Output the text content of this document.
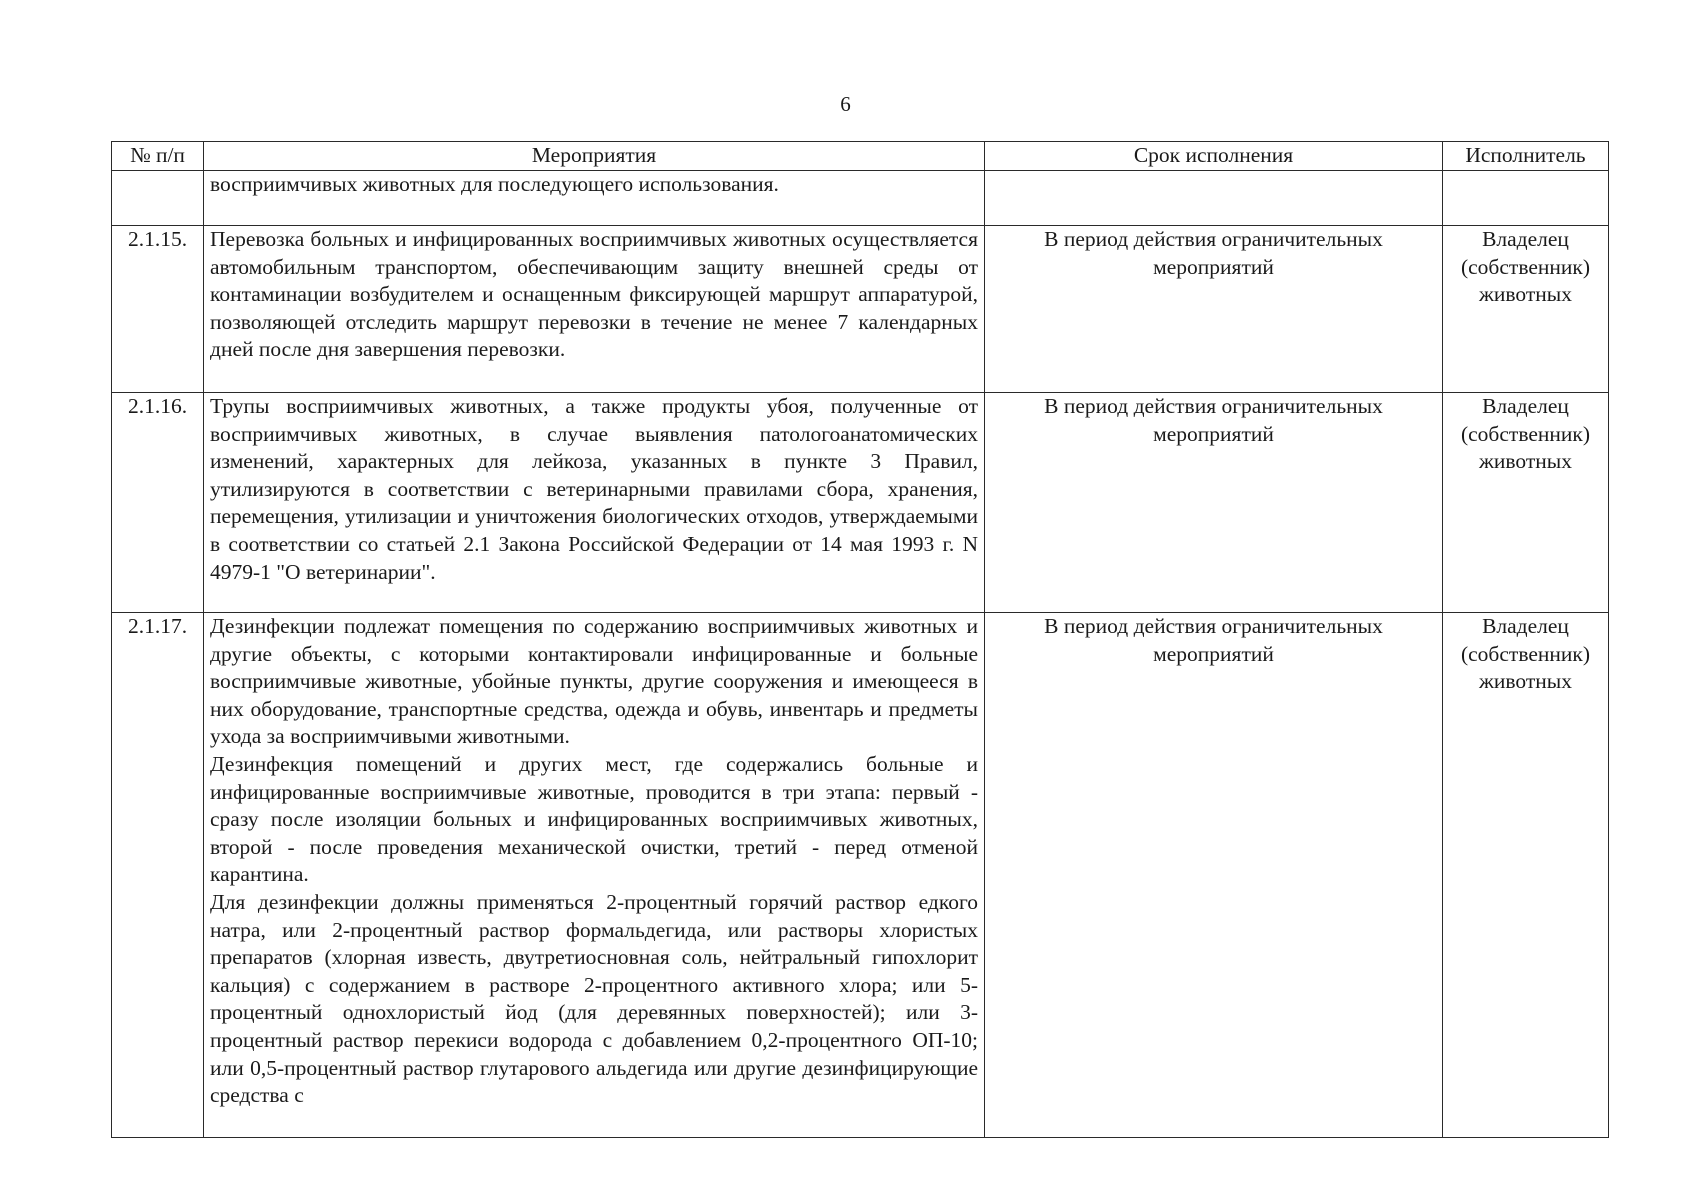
6
№ п/п	Мероприятия	Срок исполнения	Исполнитель
	восприимчивых животных для последующего использования.		
2.1.15.	Перевозка больных и инфицированных восприимчивых животных осуществляется автомобильным транспортом, обеспечивающим защиту внешней среды от контаминации возбудителем и оснащенным фиксирующей маршрут аппаратурой, позволяющей отследить маршрут перевозки в течение не менее 7 календарных дней после дня завершения перевозки.	В период действия ограничительных мероприятий	Владелец (собственник) животных
2.1.16.	Трупы восприимчивых животных, а также продукты убоя, полученные от восприимчивых животных, в случае выявления патологоанатомических изменений, характерных для лейкоза, указанных в пункте 3 Правил, утилизируются в соответствии с ветеринарными правилами сбора, хранения, перемещения, утилизации и уничтожения биологических отходов, утверждаемыми в соответствии со статьей 2.1 Закона Российской Федерации от 14 мая 1993 г. N 4979-1 "О ветеринарии".	В период действия ограничительных мероприятий	Владелец (собственник) животных
2.1.17.	Дезинфекции подлежат помещения по содержанию восприимчивых животных и другие объекты, с которыми контактировали инфицированные и больные восприимчивые животные, убойные пункты, другие сооружения и имеющееся в них оборудование, транспортные средства, одежда и обувь, инвентарь и предметы ухода за восприимчивыми животными.

Дезинфекция помещений и других мест, где содержались больные и инфицированные восприимчивые животные, проводится в три этапа: первый - сразу после изоляции больных и инфицированных восприимчивых животных, второй - после проведения механической очистки, третий - перед отменой карантина.

Для дезинфекции должны применяться 2-процентный горячий раствор едкого натра, или 2-процентный раствор формальдегида, или растворы хлористых препаратов (хлорная известь, двутретиосновная соль, нейтральный гипохлорит кальция) с содержанием в растворе 2-процентного активного хлора; или 5-процентный однохлористый йод (для деревянных поверхностей); или 3-процентный раствор перекиси водорода с добавлением 0,2-процентного ОП-10; или 0,5-процентный раствор глутарового альдегида или другие дезинфицирующие средства с	В период действия ограничительных мероприятий	Владелец (собственник) животных
